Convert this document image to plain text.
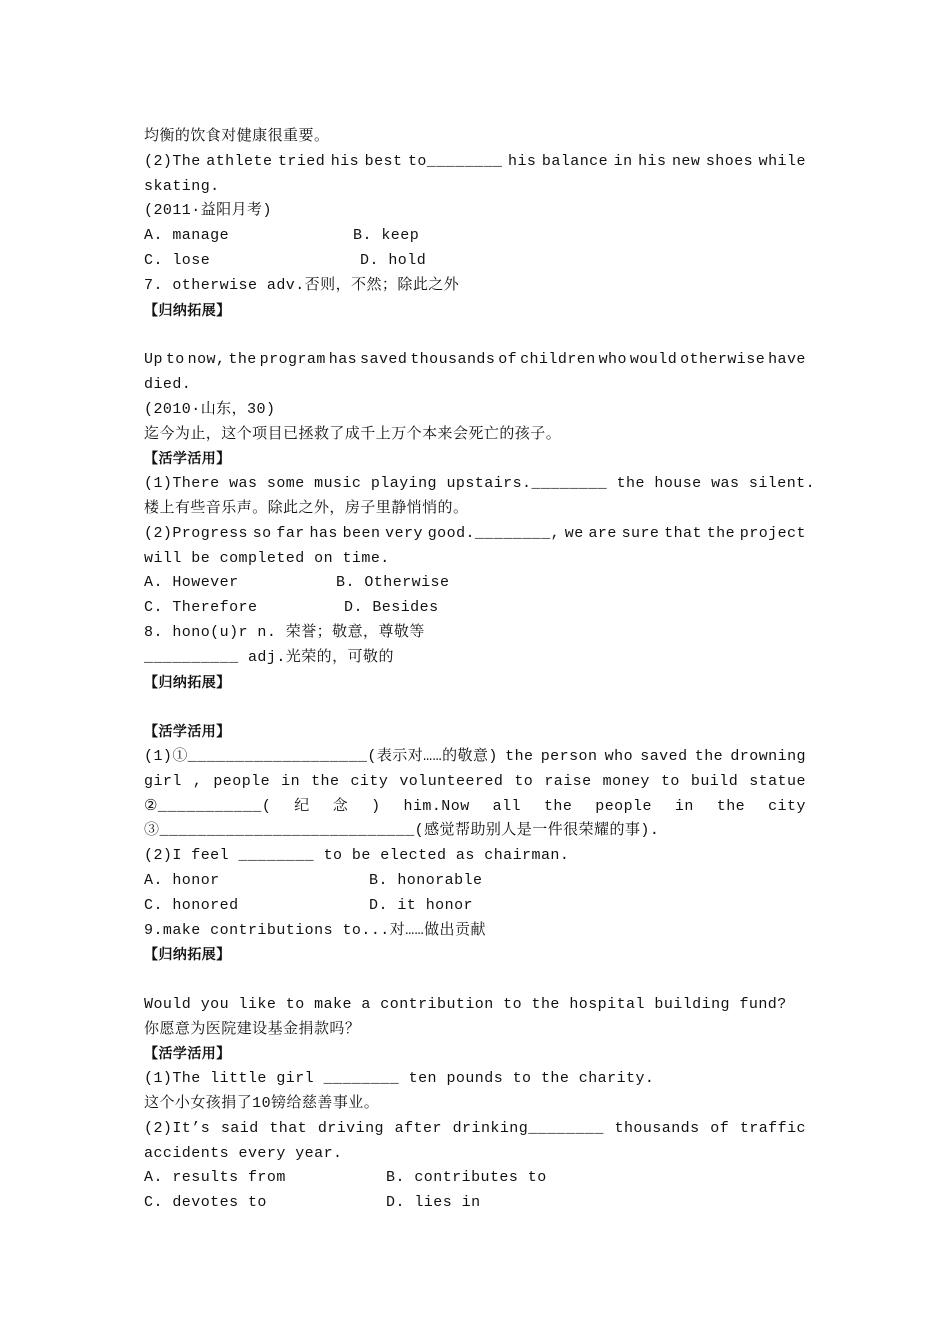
均衡的饮食对健康很重要。
(2)The athlete tried his best to________ his balance in his new shoes while
skating.
(2011·益阳月考)
A. manage	B. keep
C. lose	D. hold
7. otherwise adv.否则，不然；除此之外
【归纳拓展】
Up to now, the program has saved thousands of children who would otherwise have
died.
(2010·山东，30)
迄今为止，这个项目已拯救了成千上万个本来会死亡的孩子。
【活学活用】
(1)There was some music playing upstairs.________ the house was silent.
楼上有些音乐声。除此之外，房子里静悄悄的。
(2)Progress so far has been very good.________, we are sure that the project
will be completed on time.
A. However	B. Otherwise
C. Therefore	D. Besides
8. hono(u)r n. 荣誉；敬意，尊敬等
__________ adj.光荣的，可敬的
【归纳拓展】
【活学活用】
(1)①___________________(表示对……的敬意) the person who saved the drowning
girl , people in the city volunteered to raise money to build statue
②___________( 纪 念 ) him.Now all the people in the city
③___________________________(感觉帮助别人是一件很荣耀的事).
(2)I feel ________ to be elected as chairman.
A. honor	B. honorable
C. honored	D. it honor
9.make contributions to...对……做出贡献
【归纳拓展】
Would you like to make a contribution to the hospital building fund?
你愿意为医院建设基金捐款吗？
【活学活用】
(1)The little girl ________ ten pounds to the charity.
这个小女孩捐了10镑给慈善事业。
(2)It’s said that driving after drinking________ thousands of traffic
accidents every year.
A. results from	B. contributes to
C. devotes to	D. lies in
